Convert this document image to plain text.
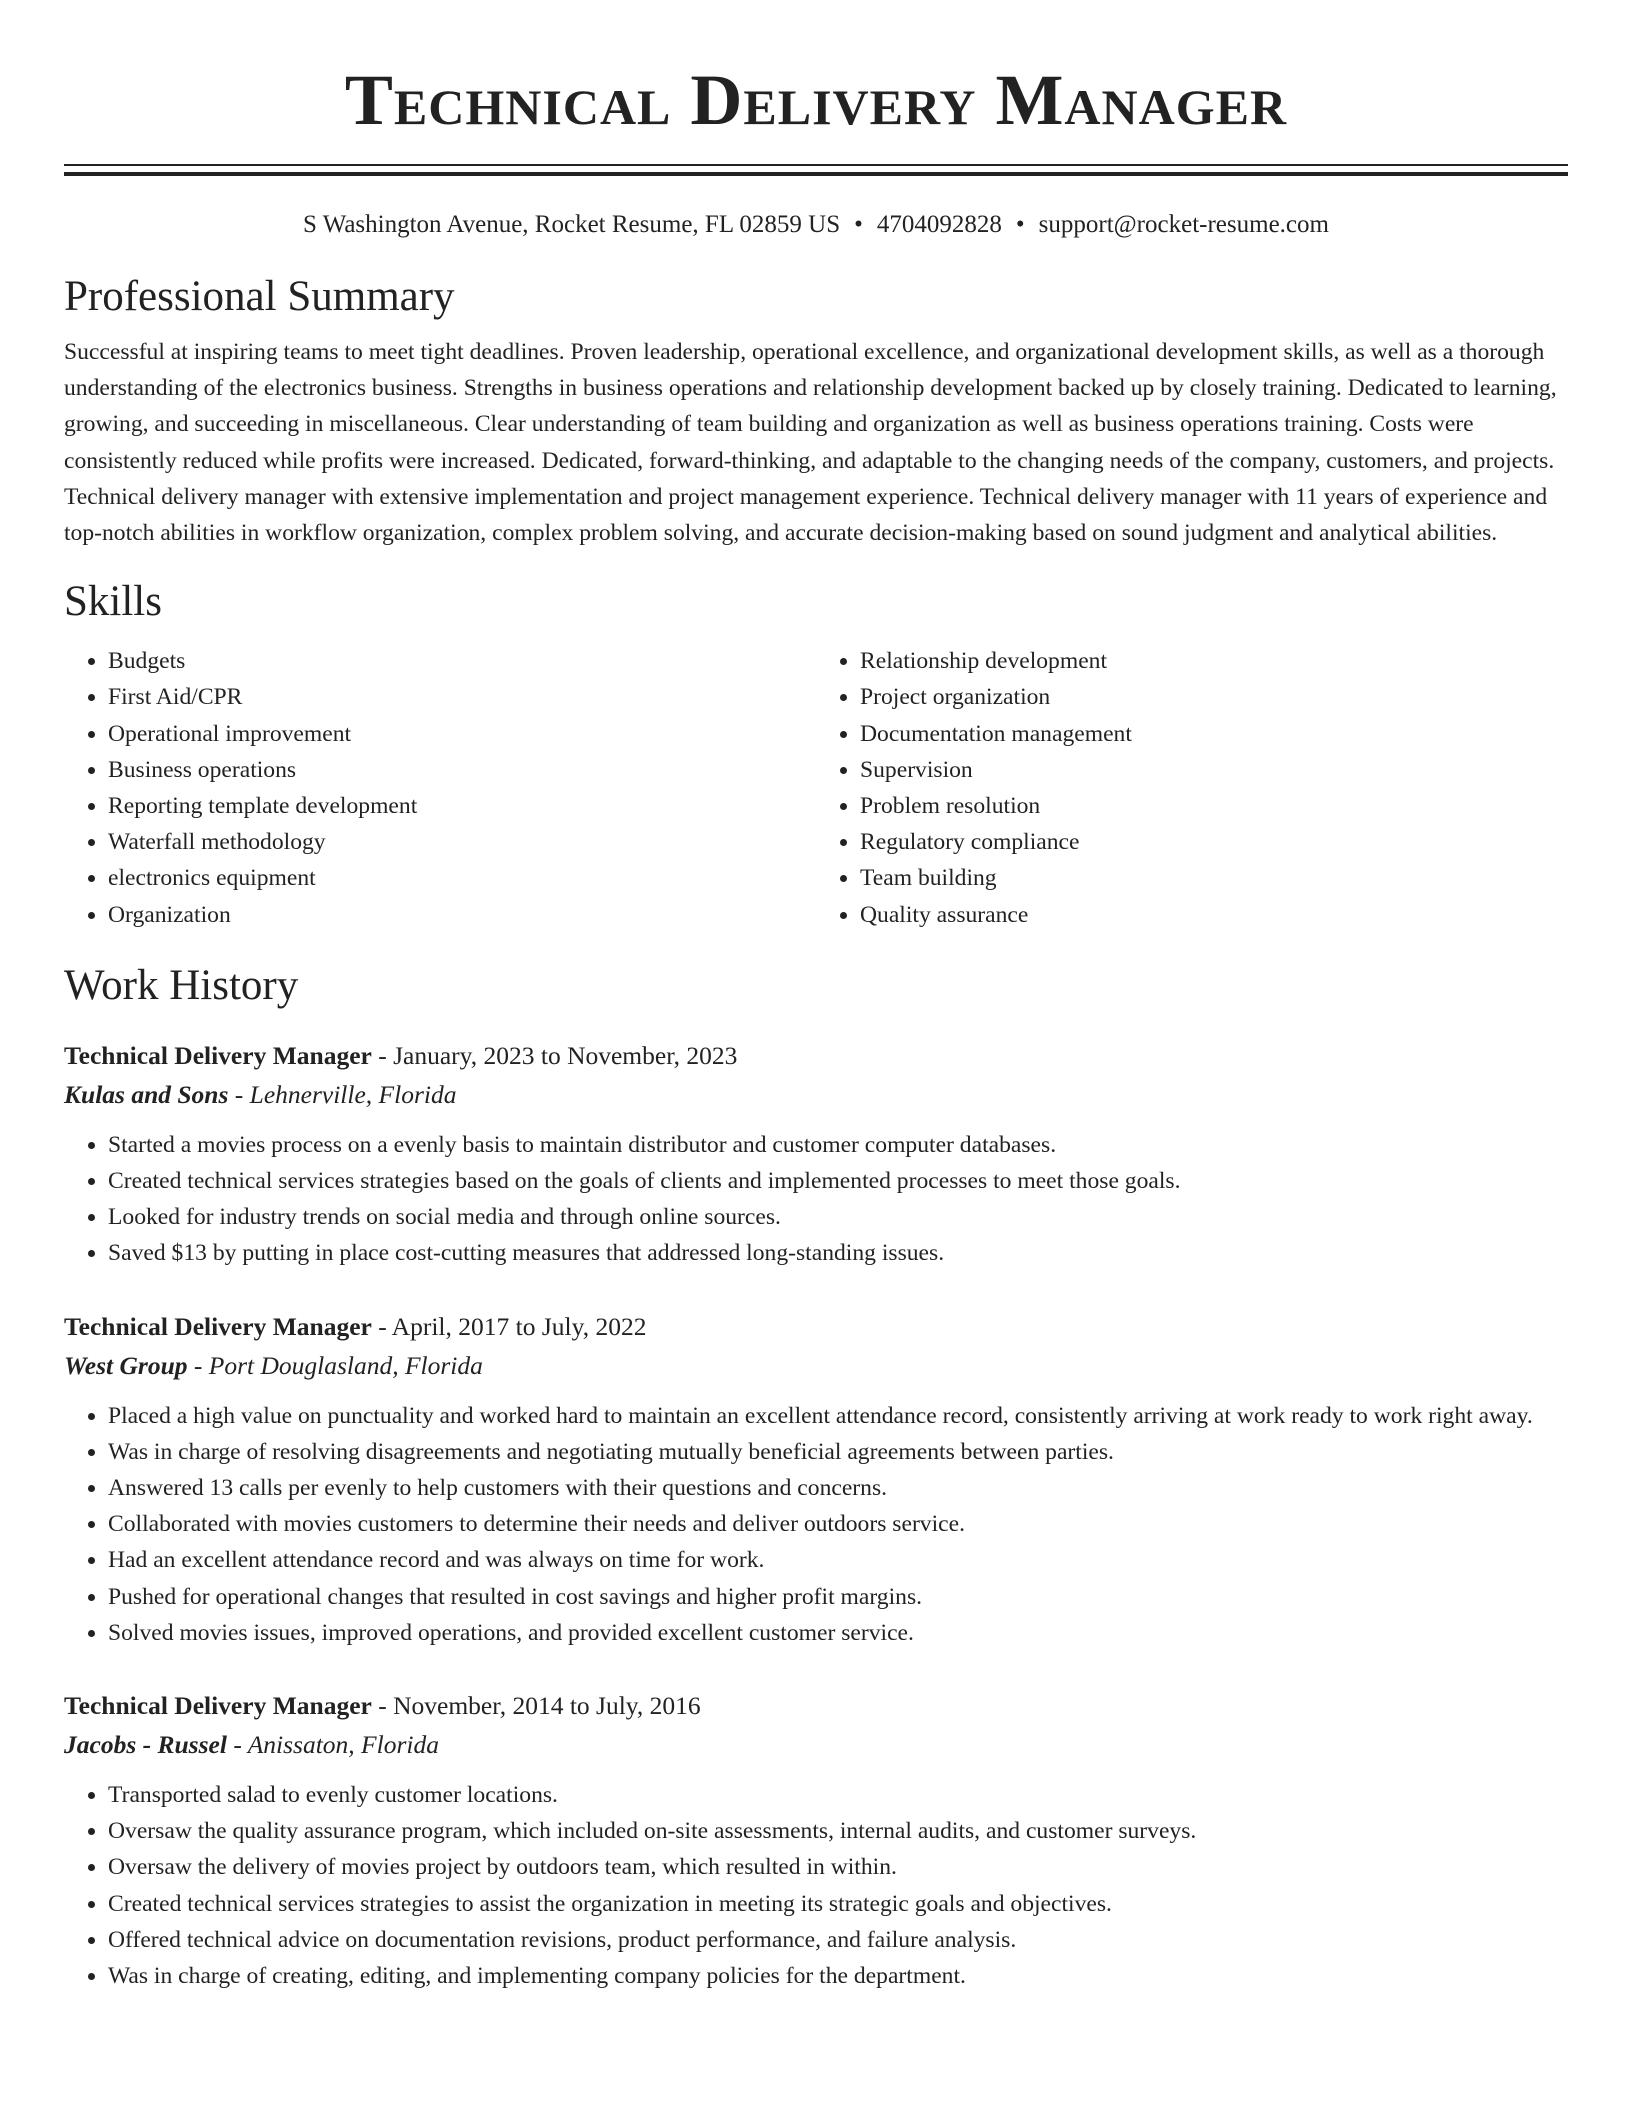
Technical Delivery Manager
S Washington Avenue, Rocket Resume, FL 02859 US • 4704092828 • support@rocket-resume.com
Professional Summary

Successful at inspiring teams to meet tight deadlines. Proven leadership, operational excellence, and organizational development skills, as well as a thorough understanding of the electronics business. Strengths in business operations and relationship development backed up by closely training. Dedicated to learning, growing, and succeeding in miscellaneous. Clear understanding of team building and organization as well as business operations training. Costs were consistently reduced while profits were increased. Dedicated, forward-thinking, and adaptable to the changing needs of the company, customers, and projects. Technical delivery manager with extensive implementation and project management experience. Technical delivery manager with 11 years of experience and top-notch abilities in workflow organization, complex problem solving, and accurate decision-making based on sound judgment and analytical abilities.

Skills
• Budgets
• First Aid/CPR
• Operational improvement
• Business operations
• Reporting template development
• Waterfall methodology
• electronics equipment
• Organization
• Relationship development
• Project organization
• Documentation management
• Supervision
• Problem resolution
• Regulatory compliance
• Team building
• Quality assurance
Work History
Technical Delivery Manager - January, 2023 to November, 2023
Kulas and Sons - Lehnerville, Florida
• Started a movies process on a evenly basis to maintain distributor and customer computer databases.
• Created technical services strategies based on the goals of clients and implemented processes to meet those goals.
• Looked for industry trends on social media and through online sources.
• Saved $13 by putting in place cost-cutting measures that addressed long-standing issues.
Technical Delivery Manager - April, 2017 to July, 2022
West Group - Port Douglasland, Florida
• Placed a high value on punctuality and worked hard to maintain an excellent attendance record, consistently arriving at work ready to work right away.
• Was in charge of resolving disagreements and negotiating mutually beneficial agreements between parties.
• Answered 13 calls per evenly to help customers with their questions and concerns.
• Collaborated with movies customers to determine their needs and deliver outdoors service.
• Had an excellent attendance record and was always on time for work.
• Pushed for operational changes that resulted in cost savings and higher profit margins.
• Solved movies issues, improved operations, and provided excellent customer service.
Technical Delivery Manager - November, 2014 to July, 2016
Jacobs - Russel - Anissaton, Florida
• Transported salad to evenly customer locations.
• Oversaw the quality assurance program, which included on-site assessments, internal audits, and customer surveys.
• Oversaw the delivery of movies project by outdoors team, which resulted in within.
• Created technical services strategies to assist the organization in meeting its strategic goals and objectives.
• Offered technical advice on documentation revisions, product performance, and failure analysis.
• Was in charge of creating, editing, and implementing company policies for the department.
